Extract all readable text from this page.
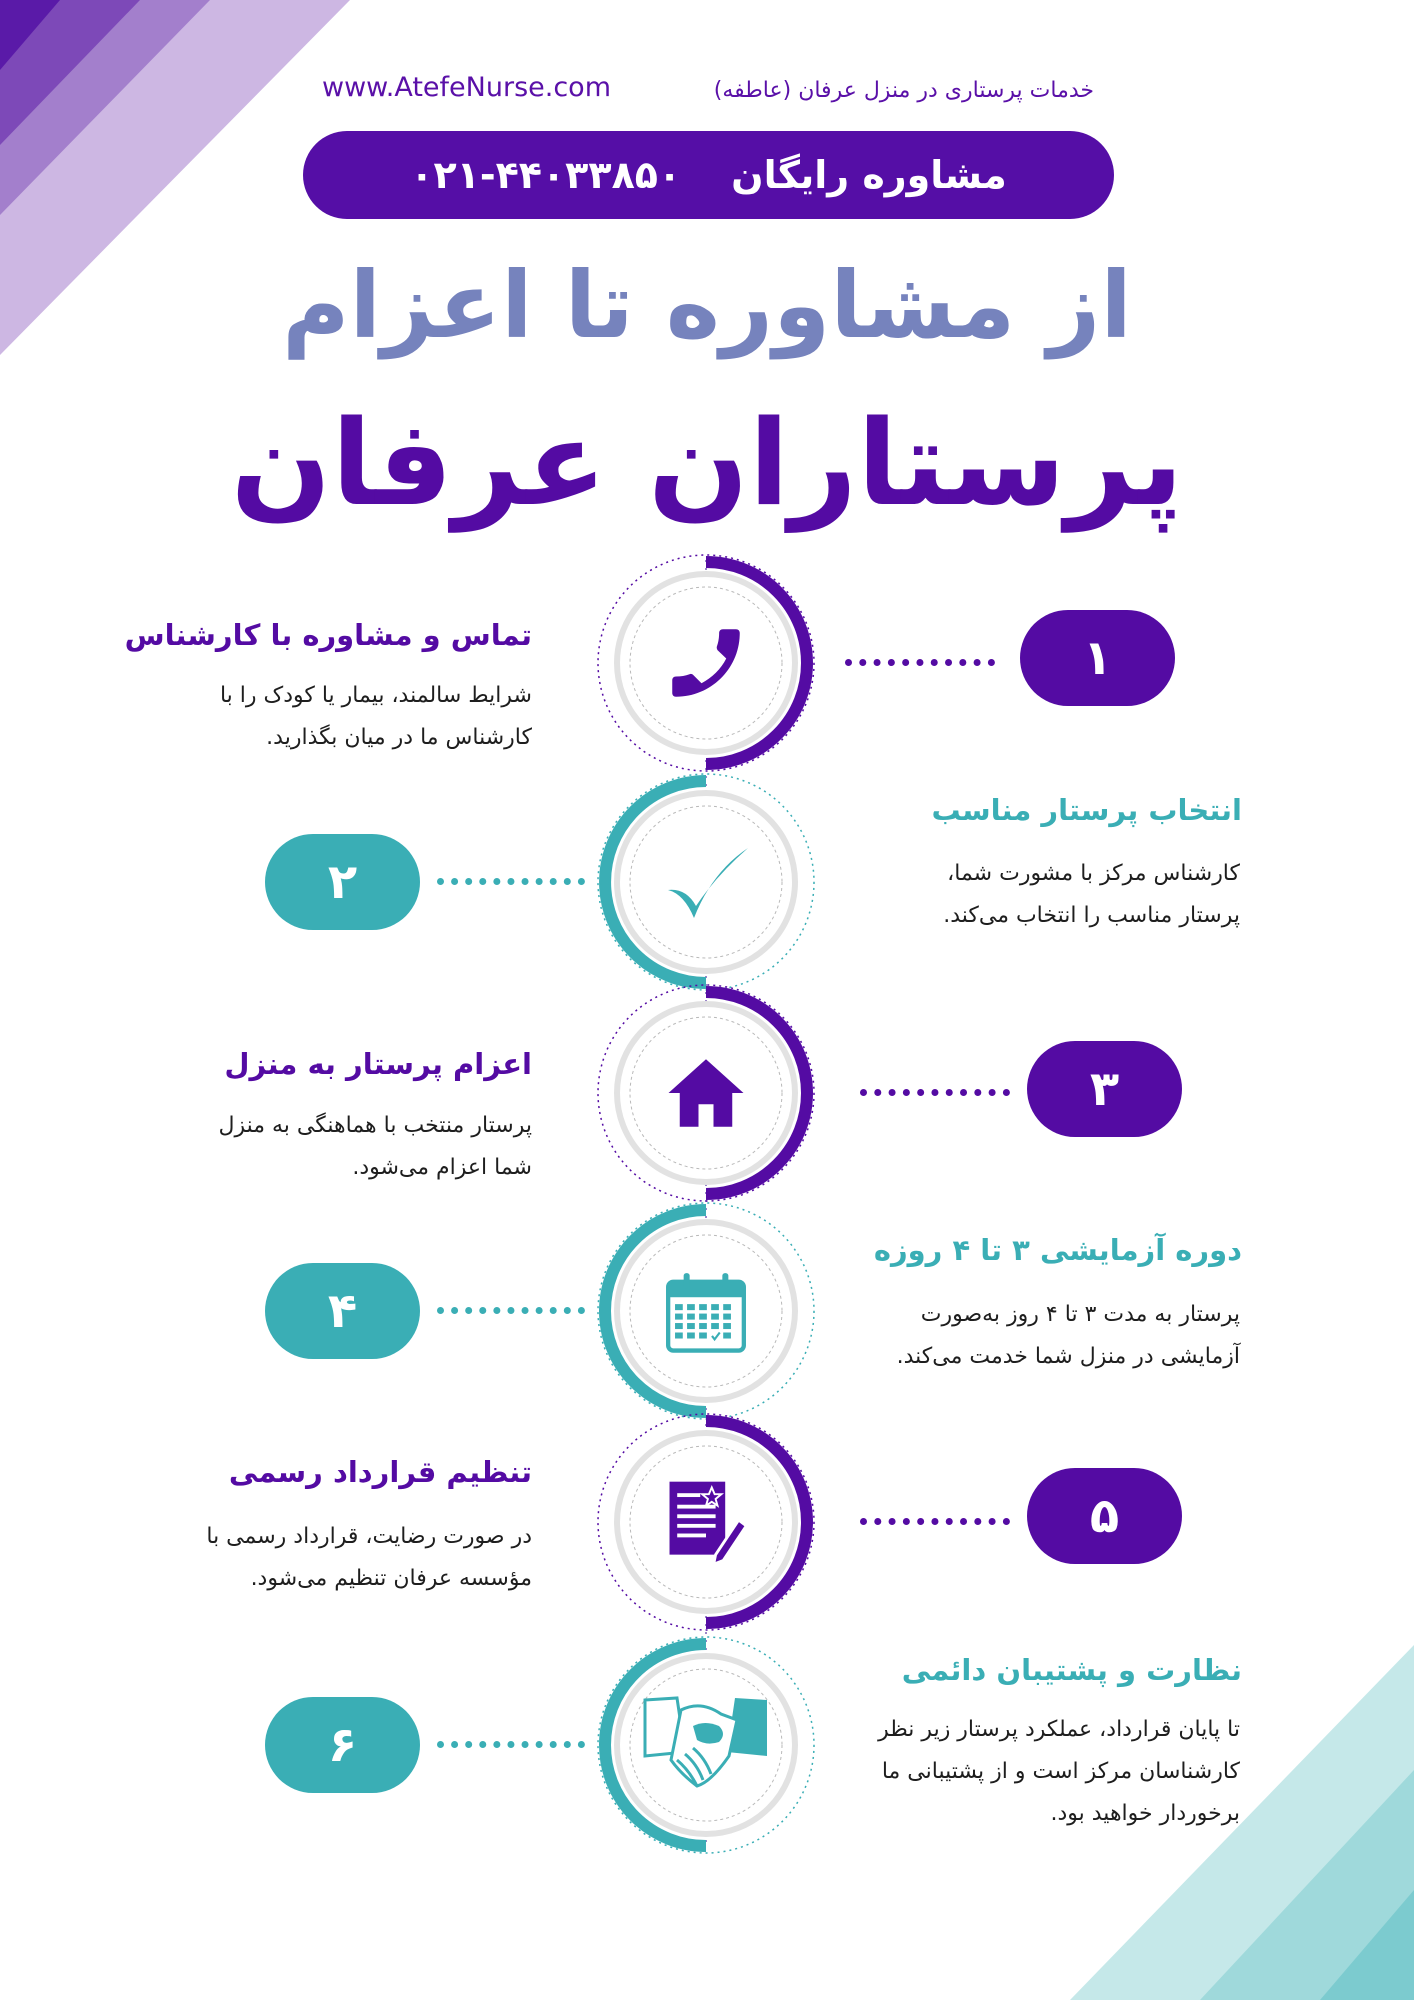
www.AtefeNurse.com	خدمات پرستاری در منزل عرفان (عاطفه)
۰۲۱-۴۴۰۳۳۸۵۰ مشاوره رایگان
از مشاوره تا اعزام
پرستاران عرفان
تماس و مشاوره با کارشناس
شرایط سالمند، بیمار یا کودک را با
کارشناس ما در میان بگذارید.
۱
انتخاب پرستار مناسب
کارشناس مرکز با مشورت شما،
پرستار مناسب را انتخاب می‌کند.
۲
اعزام پرستار به منزل
پرستار منتخب با هماهنگی به منزل
شما اعزام می‌شود.
۳
دوره آزمایشی ۳ تا ۴ روزه
پرستار به مدت ۳ تا ۴ روز به‌صورت
آزمایشی در منزل شما خدمت می‌کند.
۴
تنظیم قرارداد رسمی
در صورت رضایت، قرارداد رسمی با
مؤسسه عرفان تنظیم می‌شود.
۵
نظارت و پشتیبان دائمی
تا پایان قرارداد، عملکرد پرستار زیر نظر
کارشناسان مرکز است و از پشتیبانی ما
برخوردار خواهید بود.
۶
